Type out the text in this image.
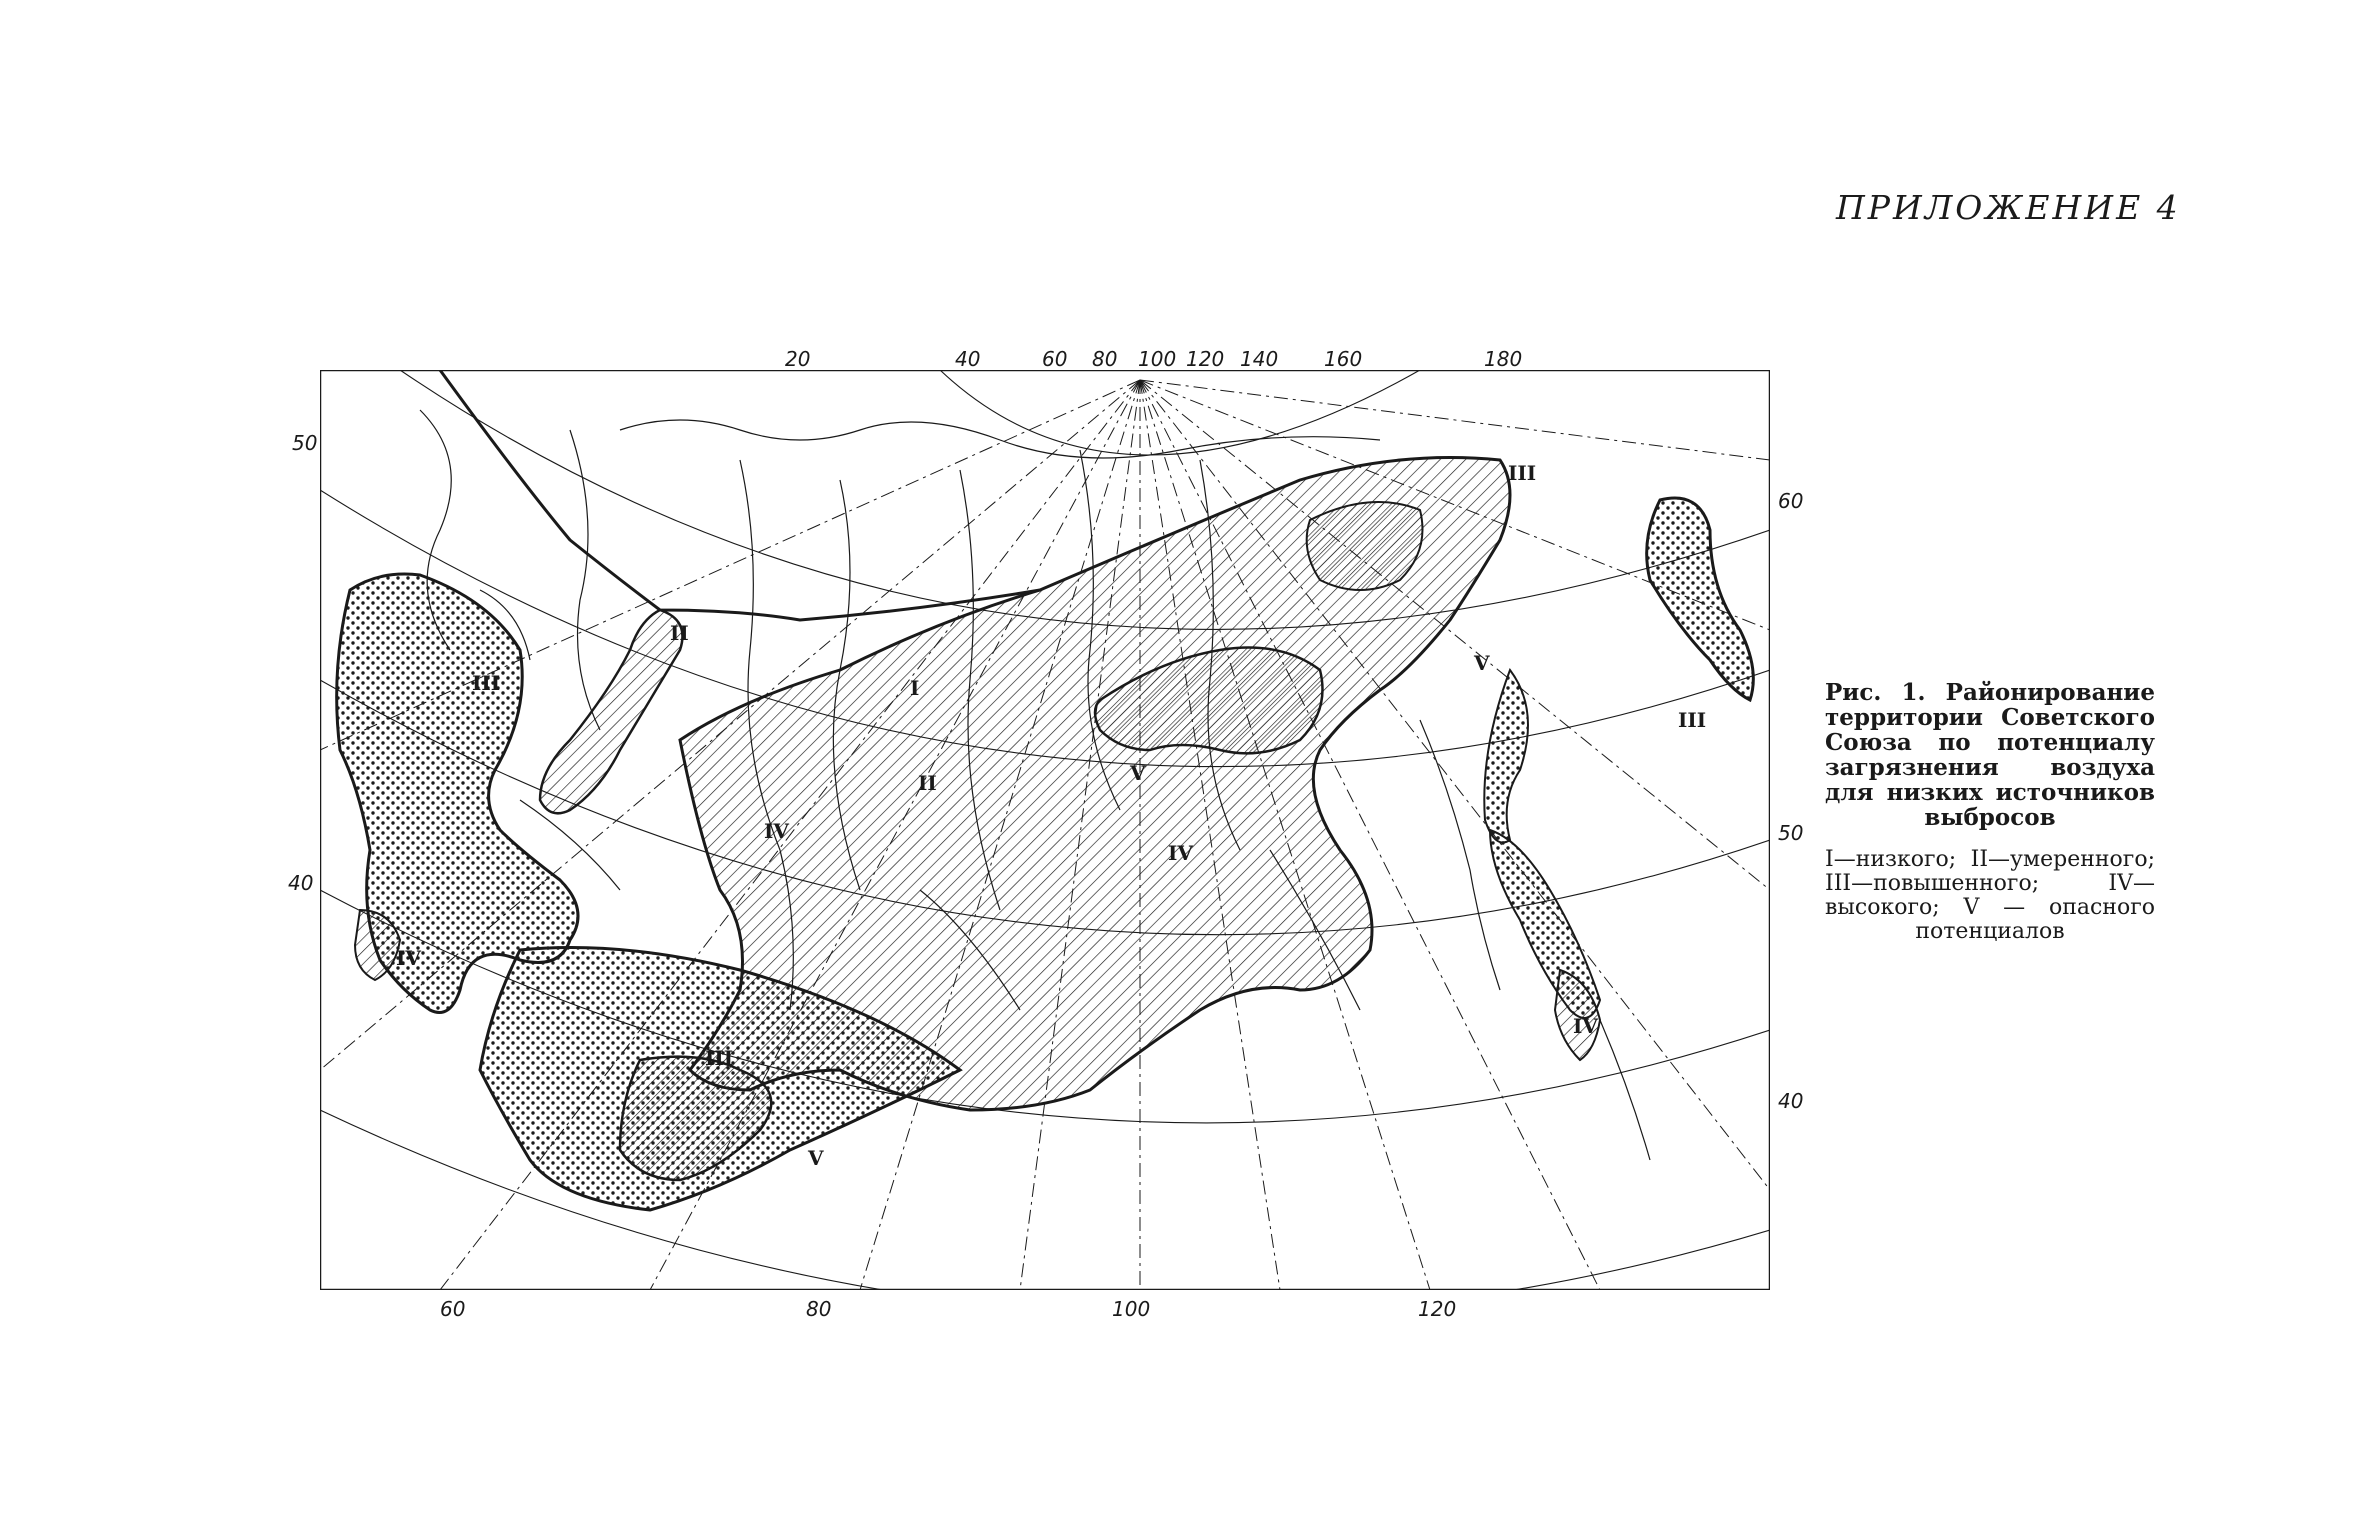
ПРИЛОЖЕНИЕ 4
20	40	60 80 100 120 140 160	180
60	80	100	120
50
40
60
50
40
I
II
II
III
III
III
III
IV
IV
IV
V
V
V
IV

Рис. 1. Районирование территории Советского Союза по потенциалу загрязнения воздуха для низких источников выбросов

I—низкого; II—умеренного; III—повышенного; IV—высокого; V — опасного потенциалов
